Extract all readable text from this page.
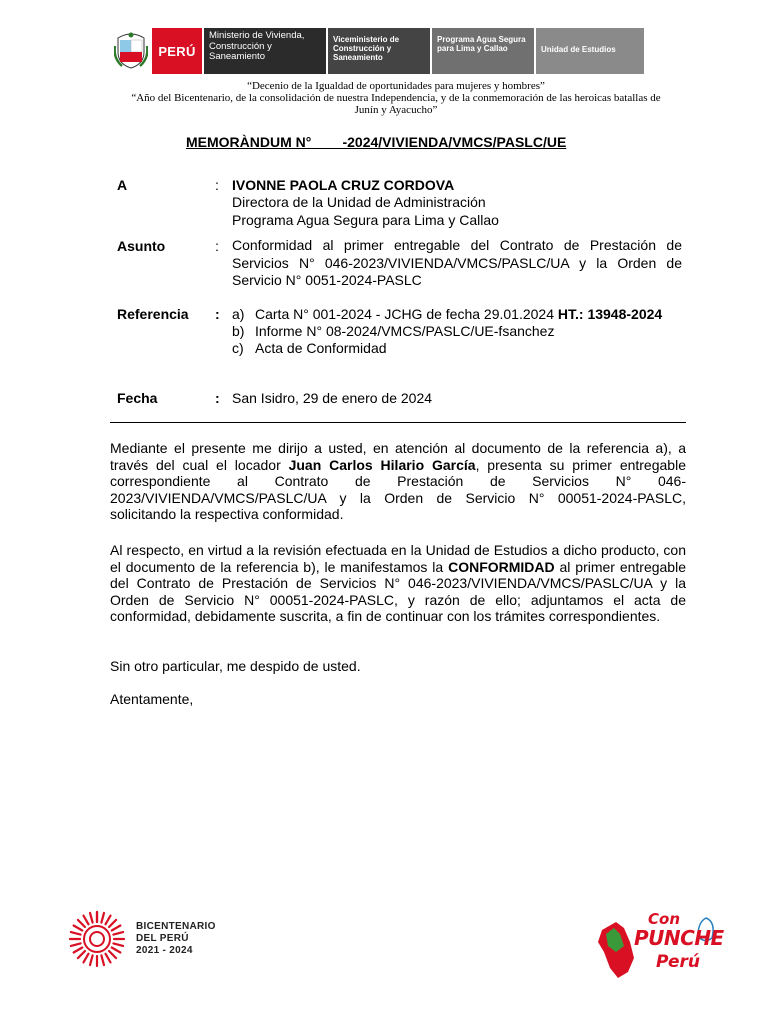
PERÚ
Ministerio de Vivienda, Construcción y Saneamiento
Viceministerio de Construcción y Saneamiento
Programa Agua Segura para Lima y Callao	Unidad de Estudios
“Decenio de la Igualdad de oportunidades para mujeres y hombres”
“Año del Bicentenario, de la consolidación de nuestra Independencia, y de la conmemoración de las heroicas batallas de
Junín y Ayacucho”
MEMORÀNDUM N°        -2024/VIVIENDA/VMCS/PASLC/UE
A	: IVONNE PAOLA CRUZ CORDOVA
Directora de la Unidad de Administración
Programa Agua Segura para Lima y Callao
Asunto	: Conformidad al primer entregable del Contrato de Prestación de Servicios N° 046-2023/VIVIENDA/VMCS/PASLC/UA y la Orden de Servicio N° 0051-2024-PASLC
Referencia	: a) Carta N° 001-2024 - JCHG de fecha 29.01.2024 HT.: 13948-2024
b) Informe N° 08-2024/VMCS/PASLC/UE-fsanchez
c) Acta de Conformidad
Fecha	: San Isidro, 29 de enero de 2024
Mediante el presente me dirijo a usted, en atención al documento de la referencia a), a través del cual el locador Juan Carlos Hilario García, presenta su primer entregable correspondiente al Contrato de Prestación de Servicios N° 046-2023/VIVIENDA/VMCS/PASLC/UA y la Orden de Servicio N° 00051-2024-PASLC, solicitando la respectiva conformidad.
Al respecto, en virtud a la revisión efectuada en la Unidad de Estudios a dicho producto, con el documento de la referencia b), le manifestamos la CONFORMIDAD al primer entregable del Contrato de Prestación de Servicios N° 046-2023/VIVIENDA/VMCS/PASLC/UA y la Orden de Servicio N° 00051-2024-PASLC, y razón de ello; adjuntamos el acta de conformidad, debidamente suscrita, a fin de continuar con los trámites correspondientes.
Sin otro particular, me despido de usted.
Atentamente,
BICENTENARIO
DEL PERÚ
2021 - 2024
Con
PUNCHE
Perú
